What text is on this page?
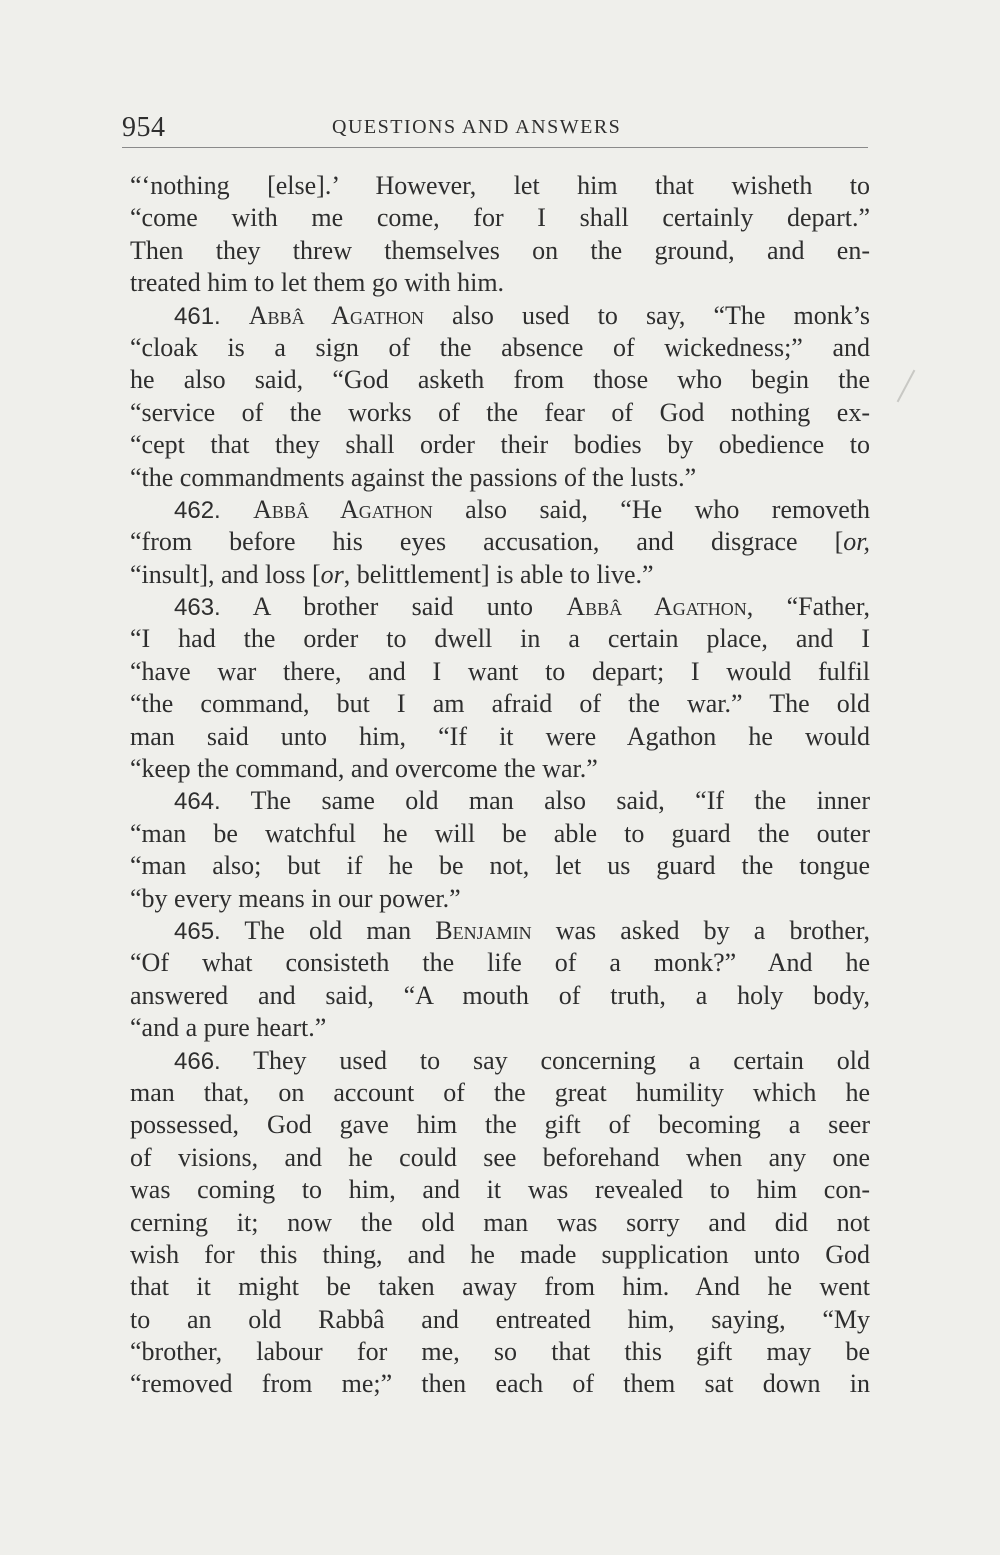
954	QUESTIONS AND ANSWERS
“‘nothing [else].’ However, let him that wisheth to
“come with me come, for I shall certainly depart.”
Then they threw themselves on the ground, and en-
treated him to let them go with him.
461. Abbâ Agathon also used to say, “The monk’s
“cloak is a sign of the absence of wickedness;” and
he also said, “God asketh from those who begin the
“service of the works of the fear of God nothing ex-
“cept that they shall order their bodies by obedience to
“the commandments against the passions of the lusts.”
462. Abbâ Agathon also said, “He who removeth
“from before his eyes accusation, and disgrace [or,
“insult], and loss [or, belittlement] is able to live.”
463. A brother said unto Abbâ Agathon, “Father,
“I had the order to dwell in a certain place, and I
“have war there, and I want to depart; I would fulfil
“the command, but I am afraid of the war.” The old
man said unto him, “If it were Agathon he would
“keep the command, and overcome the war.”
464. The same old man also said, “If the inner
“man be watchful he will be able to guard the outer
“man also; but if he be not, let us guard the tongue
“by every means in our power.”
465. The old man Benjamin was asked by a brother,
“Of what consisteth the life of a monk?” And he
answered and said, “A mouth of truth, a holy body,
“and a pure heart.”
466. They used to say concerning a certain old
man that, on account of the great humility which he
possessed, God gave him the gift of becoming a seer
of visions, and he could see beforehand when any one
was coming to him, and it was revealed to him con-
cerning it; now the old man was sorry and did not
wish for this thing, and he made supplication unto God
that it might be taken away from him. And he went
to an old Rabbâ and entreated him, saying, “My
“brother, labour for me, so that this gift may be
“removed from me;” then each of them sat down in
